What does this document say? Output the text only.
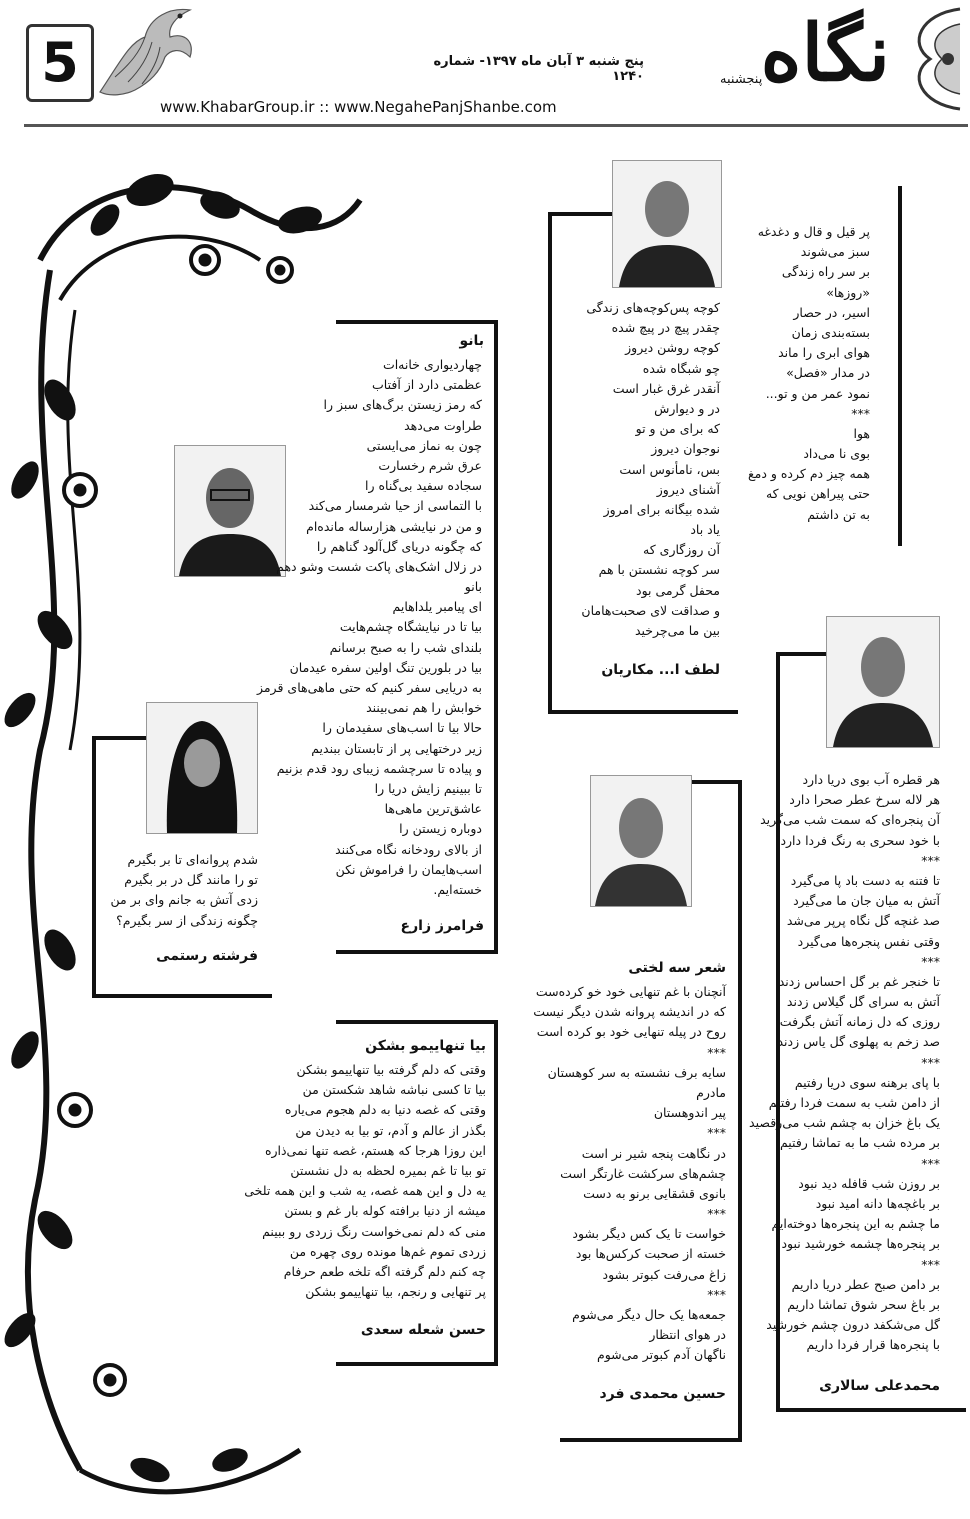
5	پنج شنبه ۳ آبان ماه ۱۳۹۷- شماره ۱۲۴۰
www.KhabarGroup.ir :: www.NegahePanjShanbe.com
نگاه
پنجشنبه
کوچه پس‌کوچه‌های زندگی
چقدر پیچ در پیچ شده
کوچه روشن دیروز
چو شبگاه شده
آنقدر غرق غبار است
در و دیوارش
که برای من و تو
نوجوان دیروز
بس، نامأنوس است
آشنای دیروز
شده بیگانه برای امروز
یاد باد
آن روزگاری که
سر کوچه نشستن با هم
محفل گرمی بود
و صداقت لای صحبت‌هامان
بین ما می‌چرخید
لطف ا... مکاریان
پر قیل و قال و دغدغه
سبز می‌شوند
بر سر راه زندگی
«روزها»
اسیر، در حصار
بسته‌بندی زمان
هوای ابری را ماند
در مدار «فصل»
نمود عمر من و تو...
***
هوا
بوی نا می‌داد
همه چیز دم کرده و دمغ
حتی پیراهن نویی که
به تن داشتم
بانو
چهاردیواری خانه‌ات
عظمتی دارد از آفتاب
که رمز زیستن برگ‌های سبز را
طراوت می‌دهد
چون به نماز می‌ایستی
عرق شرم رخسارت
سجاده سفید بی‌گناه را
با التماسی از حیا شرمسار می‌کند
و من در نیایشی هزارساله مانده‌ام
که چگونه دریای گل‌آلود گناهم را
در زلال اشک‌های پاکت شست وشو دهم
بانو
ای پیامبر یلداهایم
بیا تا در نیایشگاه چشم‌هایت
بلندای شب را به صبح برسانم
بیا در بلورین تنگ اولین سفره عیدمان
به دریایی سفر کنیم که حتی ماهی‌های قرمز
خوابش را هم نمی‌بینند
حالا بیا تا اسب‌های سفیدمان را
زیر درختهایی پر از تابستان ببندیم
و پیاده تا سرچشمه زیبای رود قدم بزنیم
تا ببینیم زایش دریا را
عاشق‌ترین ماهی‌ها
دوباره زیستن را
از بالای رودخانه نگاه می‌کنند
اسب‌هایمان را فراموش نکن
خسته‌ایم.
فرامرز زارع
شدم پروانه‌ای تا بر بگیرم
تو را مانند گل در بر بگیرم
زدی آتش به جانم وای بر من
چگونه زندگی از سر بگیرم؟
فرشته رستمی
هر قطره آب بوی دریا دارد
هر لاله سرخ عطر صحرا دارد
آن پنجره‌ای که سمت شب می‌گرید
با خود سحری به رنگ فردا دارد
***
تا فتنه به دست باد پا می‌گیرد
آتش به میان جان ما می‌گیرد
صد غنچه گل نگاه پرپر می‌شد
وقتی نفس پنجره‌ها می‌گیرد
***
تا خنجر غم بر گل احساس زدند
آتش به سرای گل گیلاس زدند
روزی که دل زمانه آتش بگرفت
صد زخم به پهلوی گل یاس زدند
***
با پای برهنه سوی دریا رفتیم
از دامن شب به سمت فردا رفتیم
یک باغ خزان به چشم شب می‌رقصید
بر مرده شب ما به تماشا رفتیم
***
بر روزن شب قافله دید نبود
بر باغچه‌ها دانه امید نبود
ما چشم به این پنجره‌ها دوخته‌ایم
بر پنجره‌ها چشمه خورشید نبود
***
بر دامن صبح عطر دریا داریم
بر باغ سحر شوق تماشا داریم
گل می‌شکفد درون چشم خورشید
با پنجره‌ها قرار فردا داریم
محمدعلی سالاری
شعر سه لختی
آنچنان با غم تنهایی خود خو کرده‌ست
که در اندیشه پروانه شدن دیگر نیست
روح در پیله تنهایی خود بو کرده است
***
سایه برف نشسته به سر کوهستان
مادرم
پیر اندوهستان
***
در نگاهت پنجه شیر نر است
چشم‌های سرکشت غارتگر است
بانوی قشقایی برنو به دست
***
خواست تا یک کس دیگر بشود
خسته از صحبت کرکس‌ها بود
زاغ می‌رفت کبوتر بشود
***
جمعه‌ها یک حال دیگر می‌شوم
در هوای انتظار
ناگهان آدم کبوتر می‌شوم
حسین محمدی فرد
بیا تنهاییمو بشکن
وقتی که دلم گرفته بیا تنهاییمو بشکن
بیا تا کسی نباشه شاهد شکستن من
وقتی که غصه دنیا به دلم هجوم می‌یاره
بگذر از عالم و آدم، تو بیا به دیدن من
این روزا هرجا که هستم، غصه تنها نمی‌ذاره
تو بیا تا غم بمیره لحظه به دل نشستن
یه دل و این همه غصه، یه شب و این همه تلخی
میشه از دنیا برافته کوله بار غم و بستن
منی که دلم نمی‌خواست رنگ زردی رو ببینم
زردی تموم غم‌ها مونده روی چهره من
چه کنم دلم گرفته اگه تلخه طعم حرفام
پر تنهایی و رنجم، بیا تنهاییمو بشکن
حسن شعله سعدی
